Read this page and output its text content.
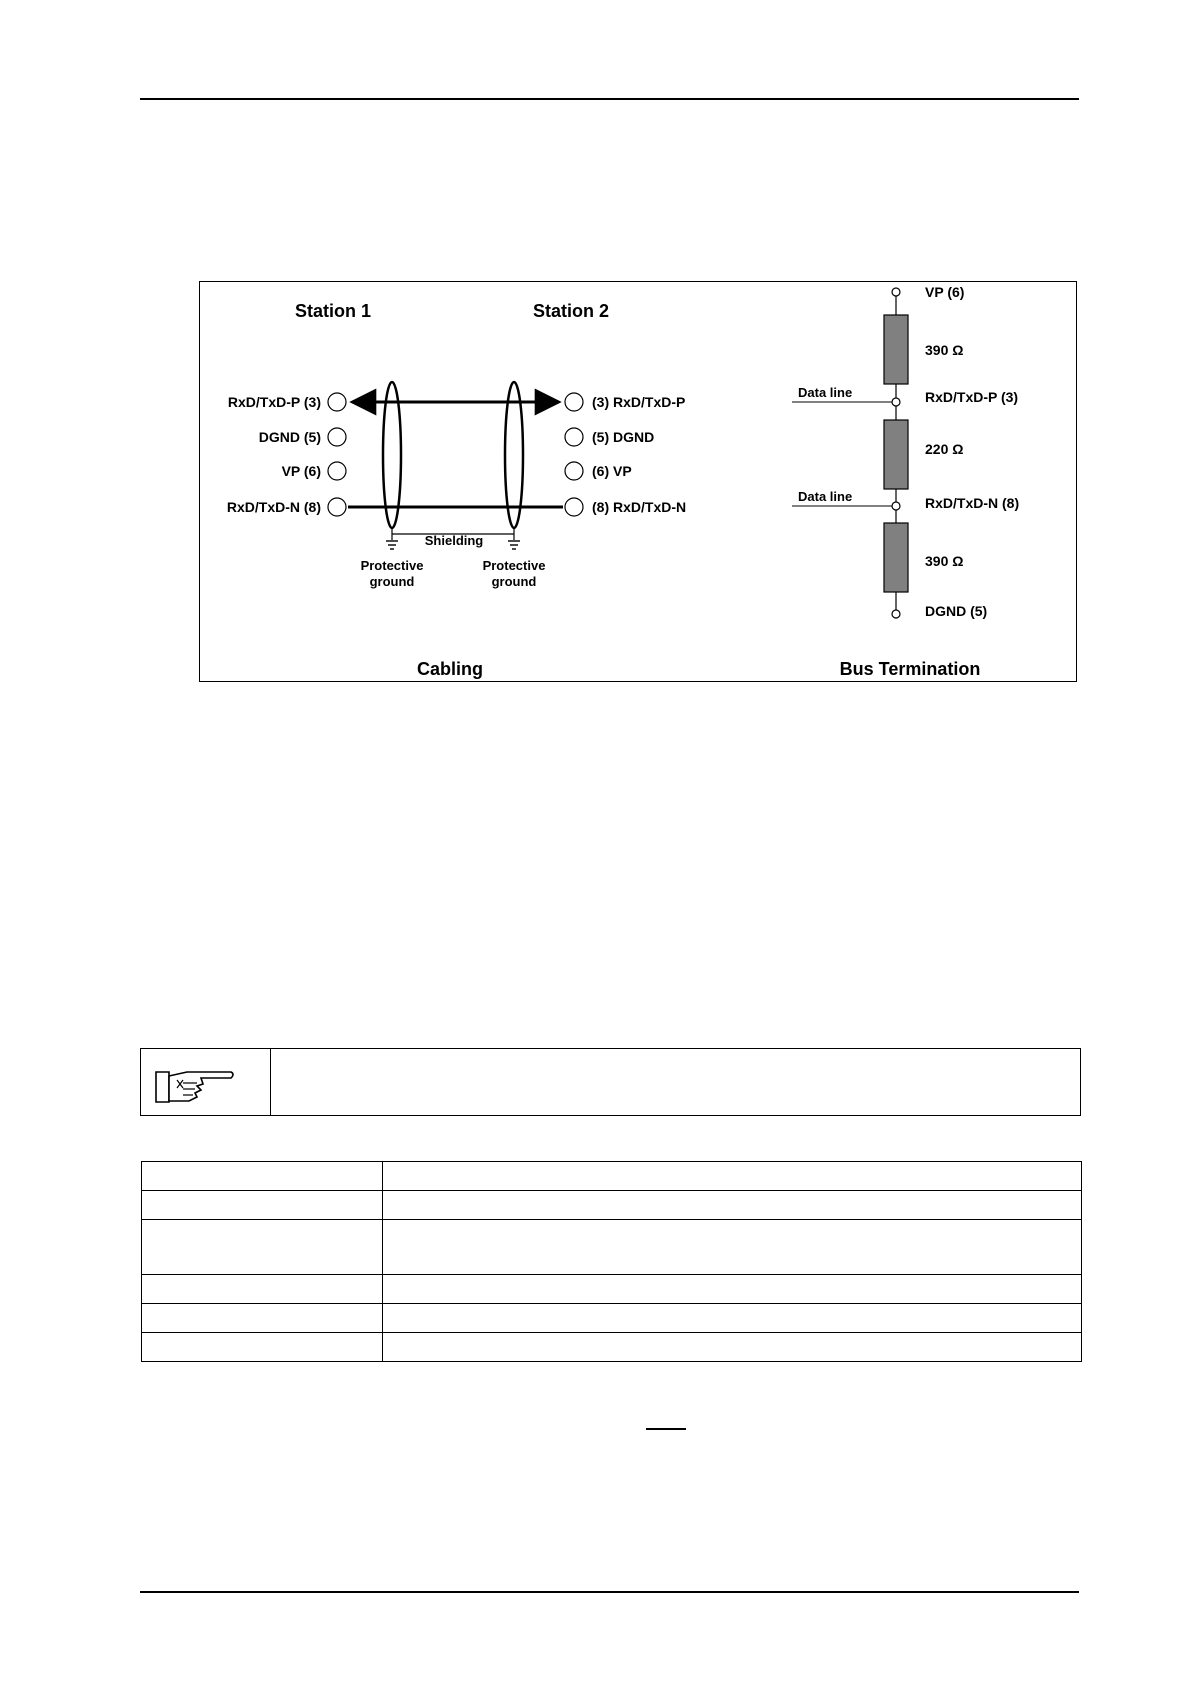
Station 1	Station 2
RxD/TxD-P (3)
DGND (5)
VP (6)
RxD/TxD-N (8)
(3) RxD/TxD-P
(5) DGND
(6) VP
(8) RxD/TxD-N
Shielding
Protective
ground
Protective
ground
Cabling
Data line
Data line
VP (6)
390 Ω
RxD/TxD-P (3)
220 Ω
RxD/TxD-N (8)
390 Ω
DGND (5)
Bus Termination
